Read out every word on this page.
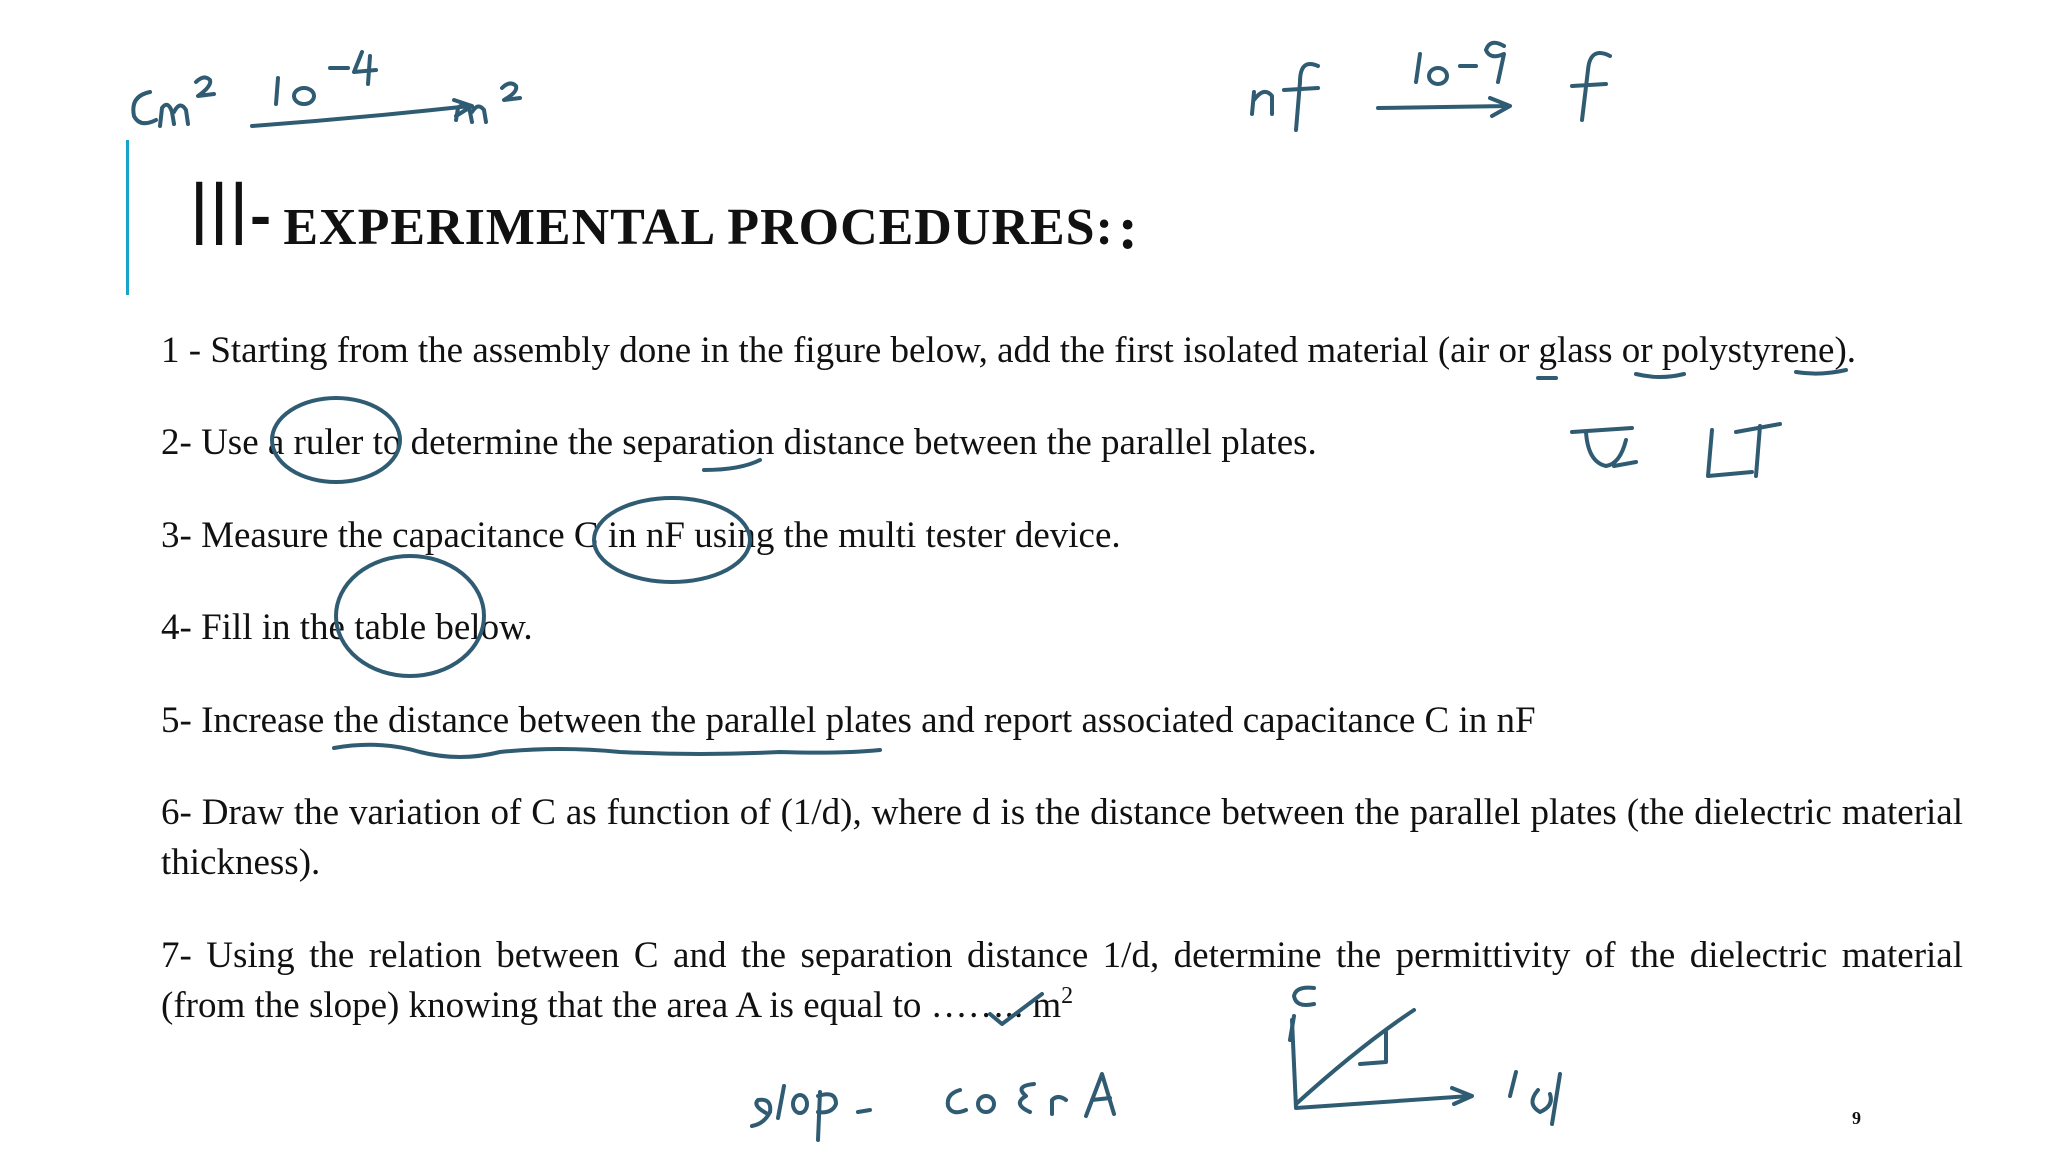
III- EXPERIMENTAL PROCEDURES: :
1 - Starting from the assembly done in the figure below, add the first isolated material (air or glass or polystyrene).
2- Use a ruler to determine the separation distance between the parallel plates.
3- Measure the capacitance C in nF using the multi tester device.
4- Fill in the table below.
5- Increase the distance between the parallel plates and report associated capacitance C in nF
6- Draw the variation of C as function of (1/d), where d is the distance between the parallel plates (the dielectric material thickness).
7- Using the relation between C and the separation distance 1/d, determine the permittivity of the dielectric material (from the slope) knowing that the area A is equal to …….. $m^2$
9
